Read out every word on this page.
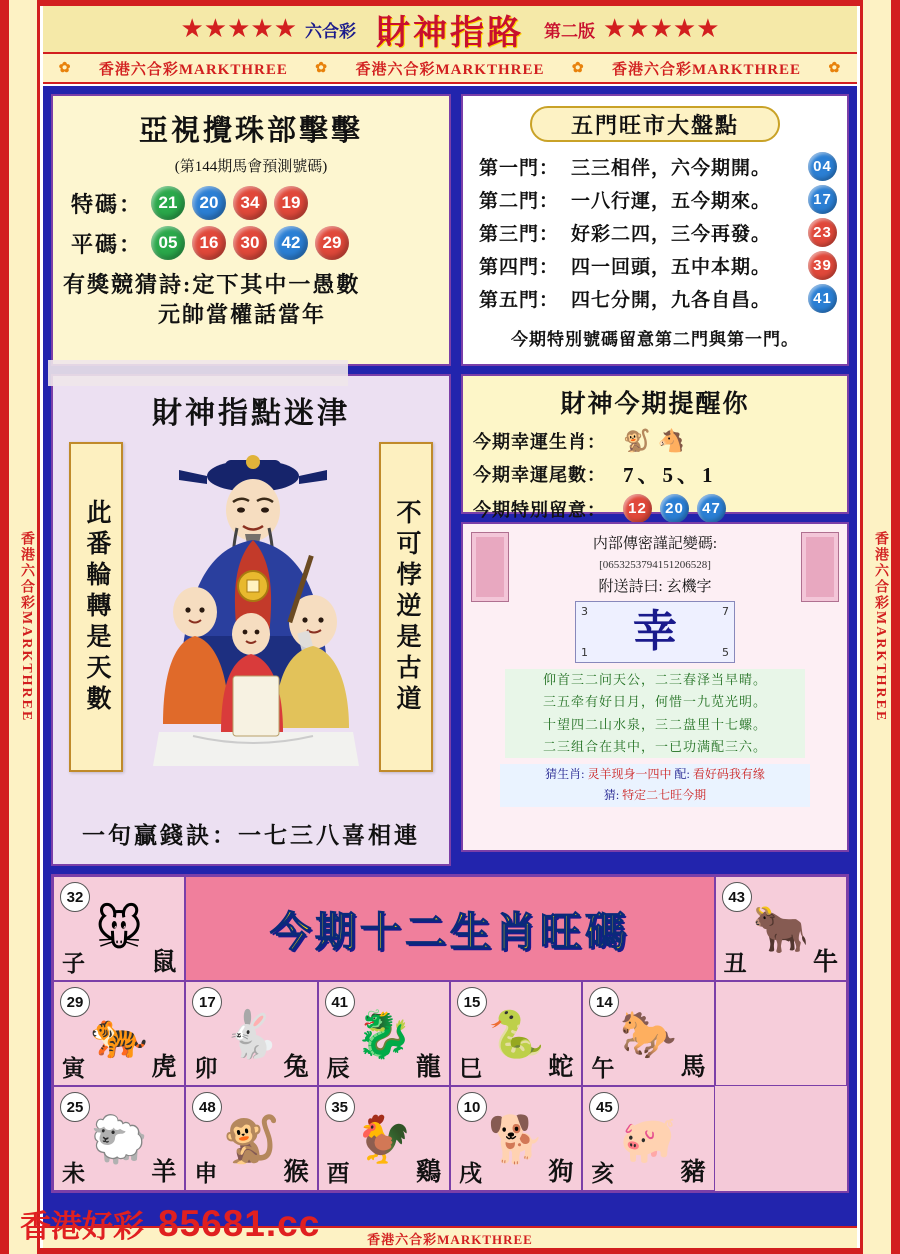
香港六合彩MARKTHREE	香港六合彩MARKTHREE
★★★★★ 六合彩 財神指路 第二版 ★★★★★
✿ 香港六合彩MARKTHREE ✿ 香港六合彩MARKTHREE ✿ 香港六合彩MARKTHREE ✿
亞視攪珠部擊擊
(第144期馬會預測號碼)
特碼： 21	20	34	19
平碼： 05	16	30	42	29
有獎競猜詩:定下其中一愚數
元帥當權話當年
財神指點迷津
此番輪轉是天數	不可悖逆是古道
一句贏錢訣：一七三八喜相連
五門旺市大盤點
第一門： 三三相伴，六今期開。	04
第二門： 一八行運，五今期來。	17
第三門： 好彩二四，三今再發。	23
第四門： 四一回頭，五中本期。	39
第五門： 四七分開，九各自昌。	41
今期特別號碼留意第二門與第一門。
財神今期提醒你
今期幸運生肖： 🐒 🐴
今期幸運尾數： 7、5、1
今期特別留意：	12	20	47
内部傳密謹記變碼:
[0653253794151206528]
附送詩曰: 玄機字
3	7
1	5
幸
仰首三二问天公，二三春泽当早晴。
三五牵有好日月，何惜一九苋光明。
十望四二山水泉，三二盘里十七螺。
二三组合在其中，一已功满配三六。
猜生肖: 灵羊现身一四中 配: 看好码我有缘
猜: 特定二七旺今期
32
🐭
子	鼠
今期十二生肖旺碼
43
🐂
丑	牛
29
🐅
寅	虎
17
🐇
卯	兔
41
🐉
辰	龍
15
🐍
巳	蛇
14
🐎
午	馬
25
🐑
未	羊
48
🐒
申	猴
35
🐓
酉	鷄
10
🐕
戌	狗
45
🐖
亥	豬
香港六合彩MARKTHREE
香港好彩 85681.cc
